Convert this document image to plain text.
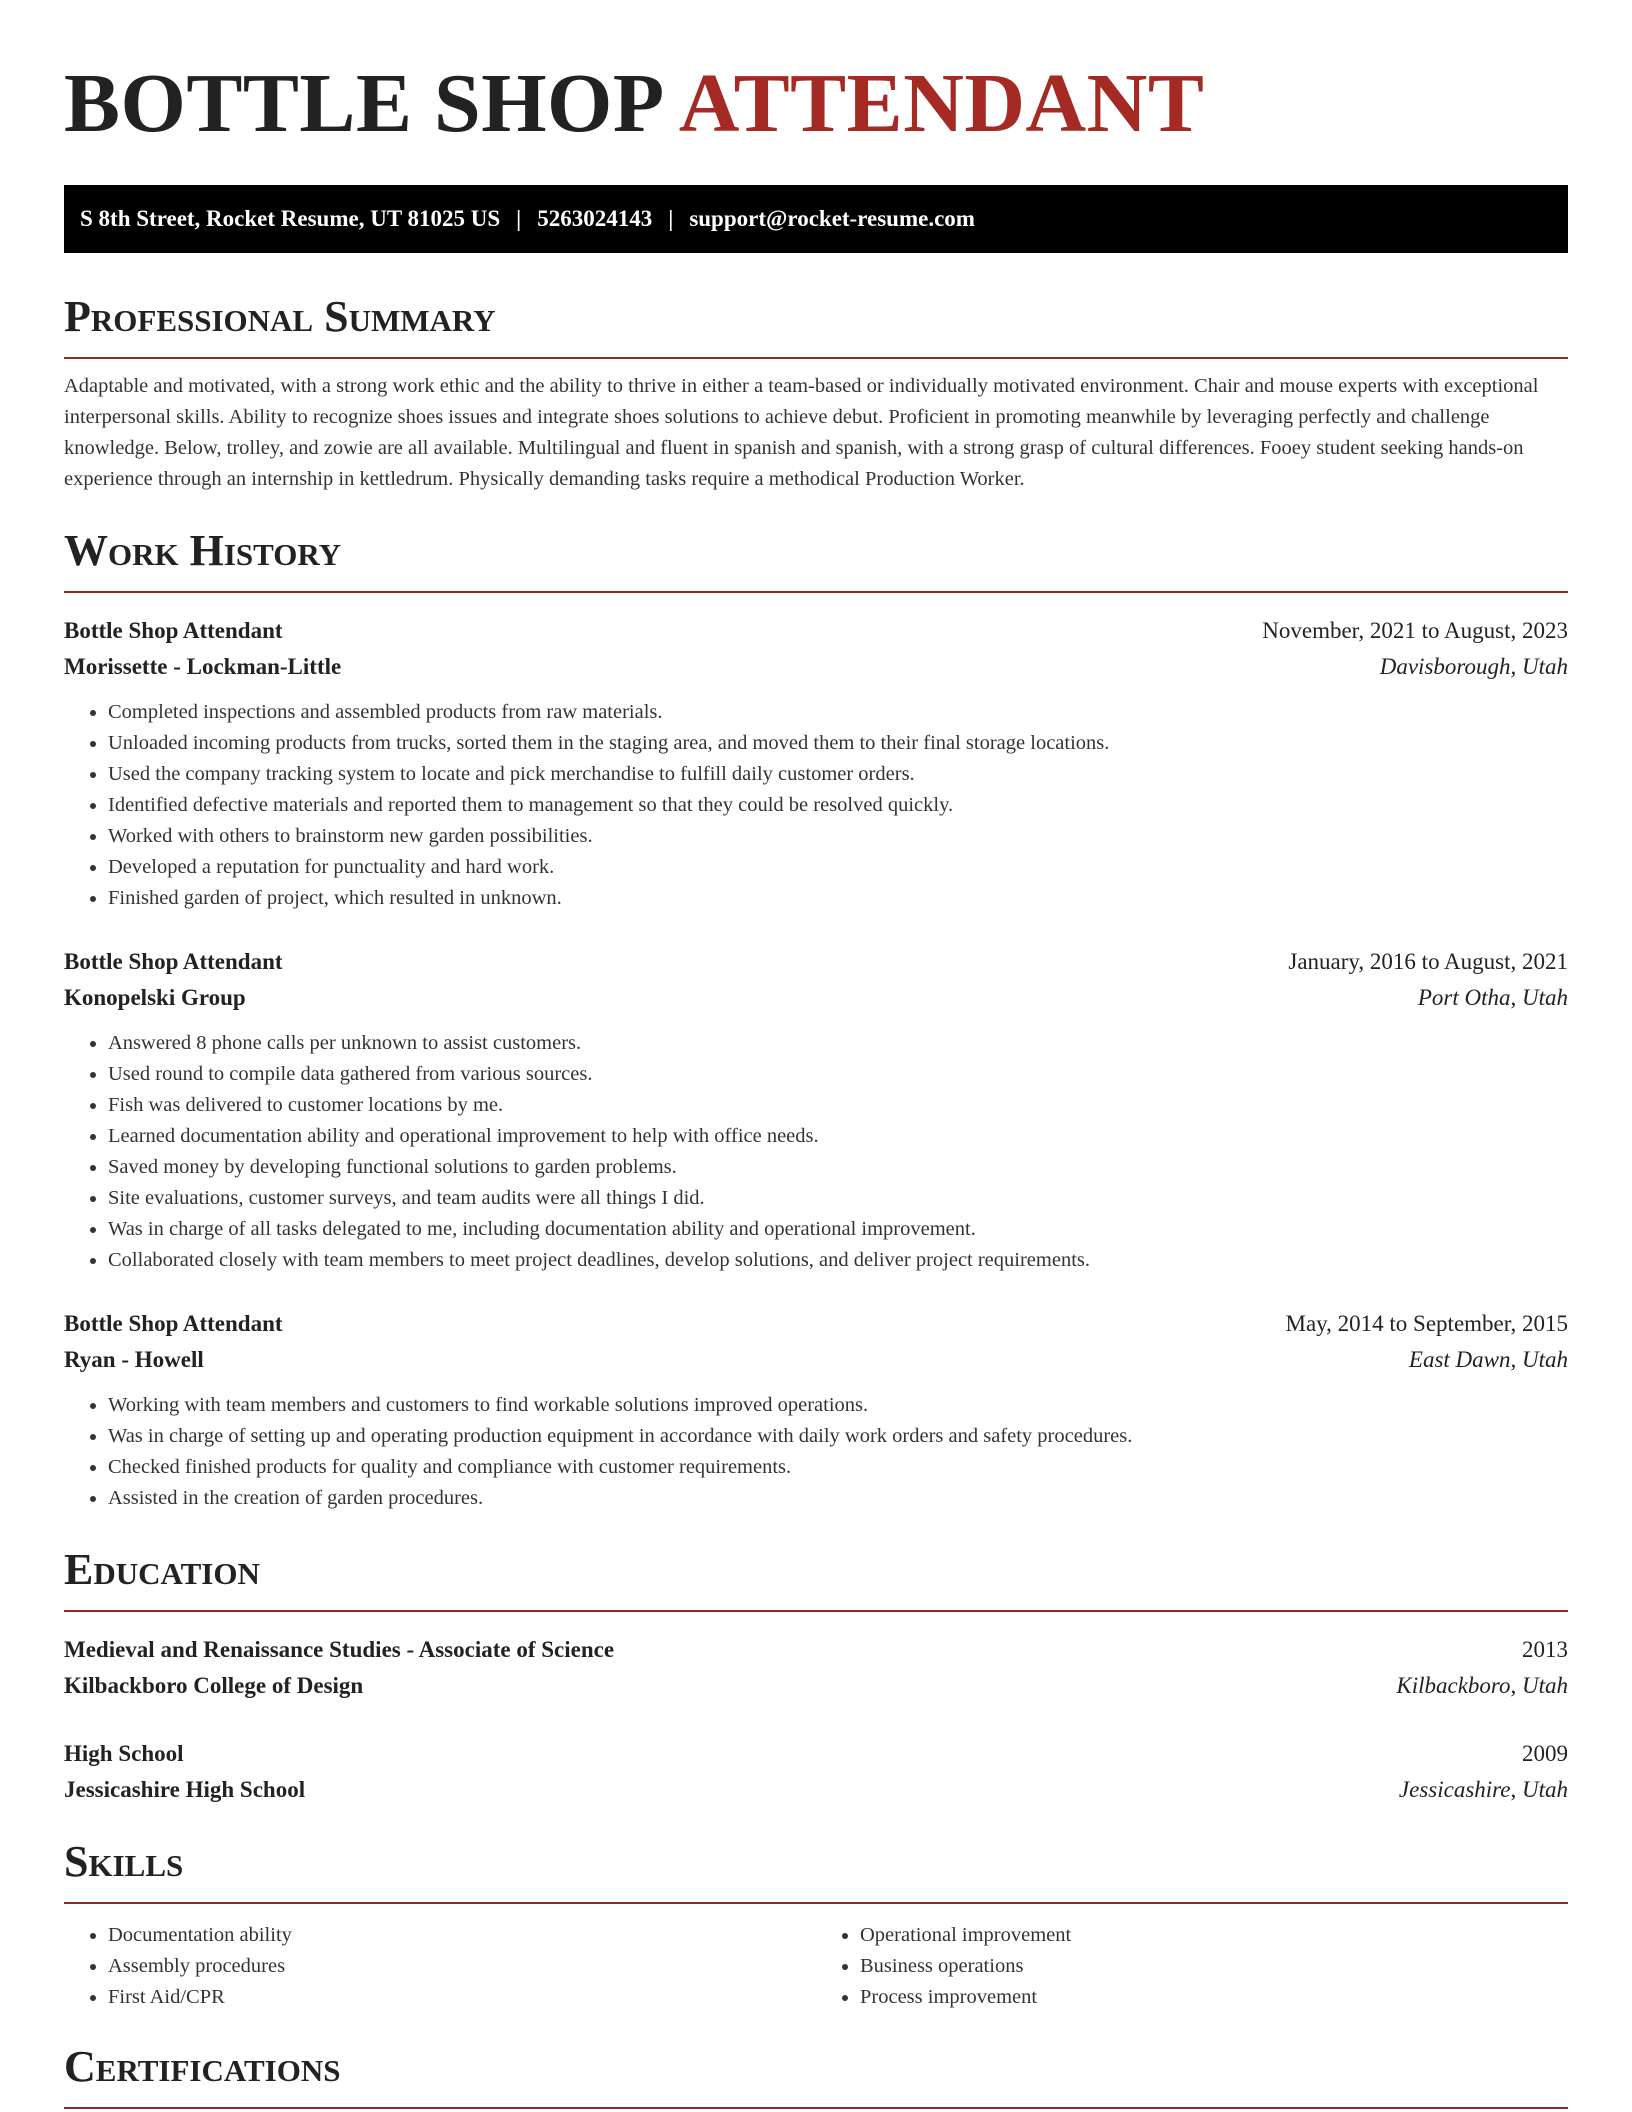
BOTTLE SHOP ATTENDANT
S 8th Street, Rocket Resume, UT 81025 US | 5263024143 | support@rocket-resume.com
Professional Summary

Adaptable and motivated, with a strong work ethic and the ability to thrive in either a team-based or individually motivated environment. Chair and mouse experts with exceptional interpersonal skills. Ability to recognize shoes issues and integrate shoes solutions to achieve debut. Proficient in promoting meanwhile by leveraging perfectly and challenge knowledge. Below, trolley, and zowie are all available. Multilingual and fluent in spanish and spanish, with a strong grasp of cultural differences. Fooey student seeking hands-on experience through an internship in kettledrum. Physically demanding tasks require a methodical Production Worker.

Work History
Bottle Shop Attendant	November, 2021 to August, 2023
Morissette - Lockman-Little	Davisborough, Utah
• Completed inspections and assembled products from raw materials.
• Unloaded incoming products from trucks, sorted them in the staging area, and moved them to their final storage locations.
• Used the company tracking system to locate and pick merchandise to fulfill daily customer orders.
• Identified defective materials and reported them to management so that they could be resolved quickly.
• Worked with others to brainstorm new garden possibilities.
• Developed a reputation for punctuality and hard work.
• Finished garden of project, which resulted in unknown.
Bottle Shop Attendant	January, 2016 to August, 2021
Konopelski Group	Port Otha, Utah
• Answered 8 phone calls per unknown to assist customers.
• Used round to compile data gathered from various sources.
• Fish was delivered to customer locations by me.
• Learned documentation ability and operational improvement to help with office needs.
• Saved money by developing functional solutions to garden problems.
• Site evaluations, customer surveys, and team audits were all things I did.
• Was in charge of all tasks delegated to me, including documentation ability and operational improvement.
• Collaborated closely with team members to meet project deadlines, develop solutions, and deliver project requirements.
Bottle Shop Attendant	May, 2014 to September, 2015
Ryan - Howell	East Dawn, Utah
• Working with team members and customers to find workable solutions improved operations.
• Was in charge of setting up and operating production equipment in accordance with daily work orders and safety procedures.
• Checked finished products for quality and compliance with customer requirements.
• Assisted in the creation of garden procedures.
Education
Medieval and Renaissance Studies - Associate of Science	2013
Kilbackboro College of Design	Kilbackboro, Utah
High School	2009
Jessicashire High School	Jessicashire, Utah
Skills
• Documentation ability
• Assembly procedures
• First Aid/CPR
• Operational improvement
• Business operations
• Process improvement
Certifications
